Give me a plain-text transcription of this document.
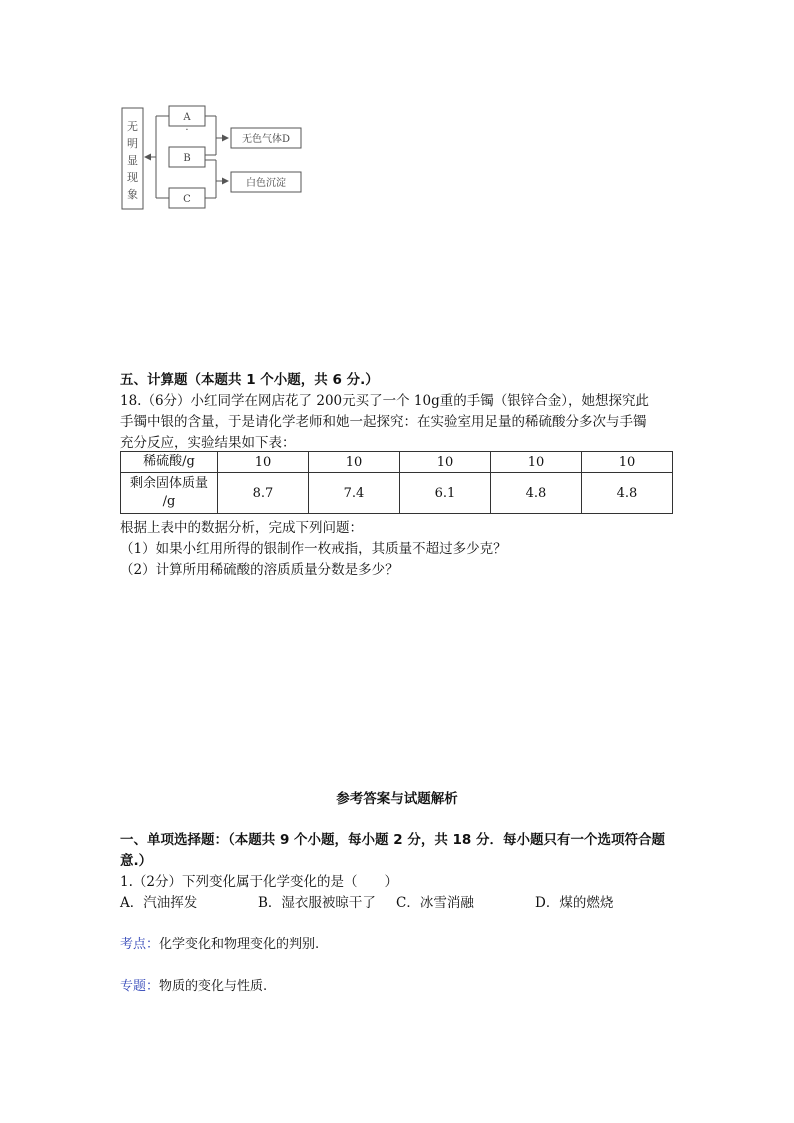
无
明
显
现
象
A
·
B
C
无色气体D
白色沉淀
五、计算题（本题共 1 个小题，共 6 分.）
18.（6分）小红同学在网店花了 200元买了一个 10g重的手镯（银锌合金），她想探究此
手镯中银的含量，于是请化学老师和她一起探究：在实验室用足量的稀硫酸分多次与手镯
充分反应，实验结果如下表：
稀硫酸/g	10	10	10	10	10

剩余固体质量
/g	8.7	7.4	6.1	4.8	4.8
根据上表中的数据分析，完成下列问题：
（1）如果小红用所得的银制作一枚戒指，其质量不超过多少克？
（2）计算所用稀硫酸的溶质质量分数是多少？
参考答案与试题解析
一、单项选择题：（本题共 9 个小题，每小题 2 分，共 18 分．每小题只有一个选项符合题
意.）
1.（2分）下列变化属于化学变化的是（　　）
A．汽油挥发	B．湿衣服被晾干了 C．冰雪消融	D．煤的燃烧
考点：化学变化和物理变化的判别.
专题：物质的变化与性质.
